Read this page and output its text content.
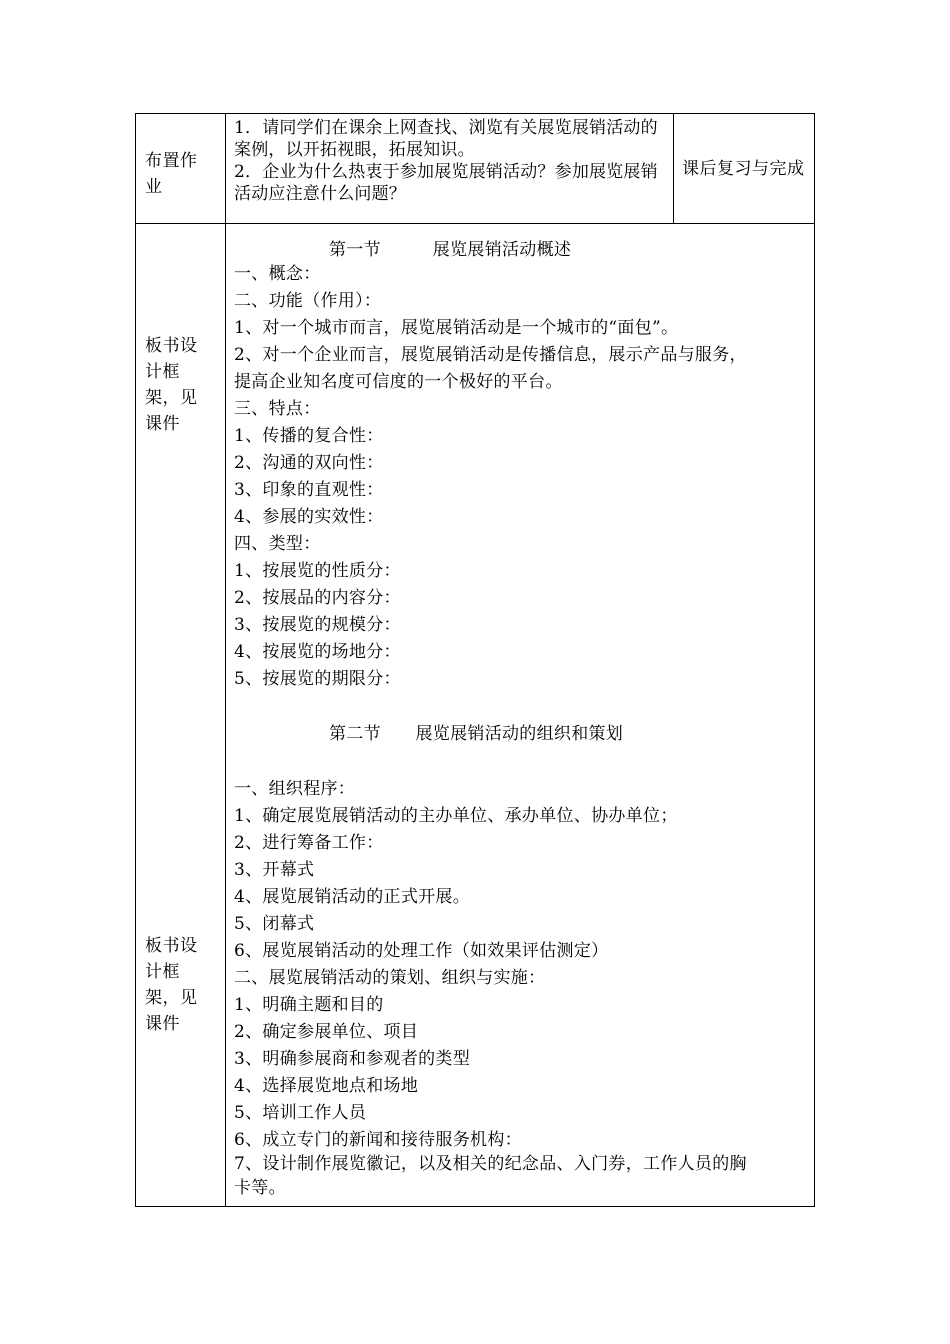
布置作业
1．请同学们在课余上网查找、浏览有关展览展销活动的案例，以开拓视眼，拓展知识。
2．企业为什么热衷于参加展览展销活动？参加展览展销活动应注意什么问题？
课后复习与完成
板书设计框架，见课件
第一节　　　展览展销活动概述
一、概念：
二、功能（作用）：
1、对一个城市而言，展览展销活动是一个城市的“面包”。
2、对一个企业而言，展览展销活动是传播信息，展示产品与服务，
提高企业知名度可信度的一个极好的平台。
三、特点：
1、传播的复合性：
2、沟通的双向性：
3、印象的直观性：
4、参展的实效性：
四、类型：
1、按展览的性质分：
2、按展品的内容分：
3、按展览的规模分：
4、按展览的场地分：
5、按展览的期限分：
板书设计框架，见课件
第二节　　展览展销活动的组织和策划
一、组织程序：
1、确定展览展销活动的主办单位、承办单位、协办单位；
2、进行筹备工作：
3、开幕式
4、展览展销活动的正式开展。
5、闭幕式
6、展览展销活动的处理工作（如效果评估测定）
二、展览展销活动的策划、组织与实施：
1、明确主题和目的
2、确定参展单位、项目
3、明确参展商和参观者的类型
4、选择展览地点和场地
5、培训工作人员
6、成立专门的新闻和接待服务机构：
7、设计制作展览徽记，以及相关的纪念品、入门券，工作人员的胸
卡等。
